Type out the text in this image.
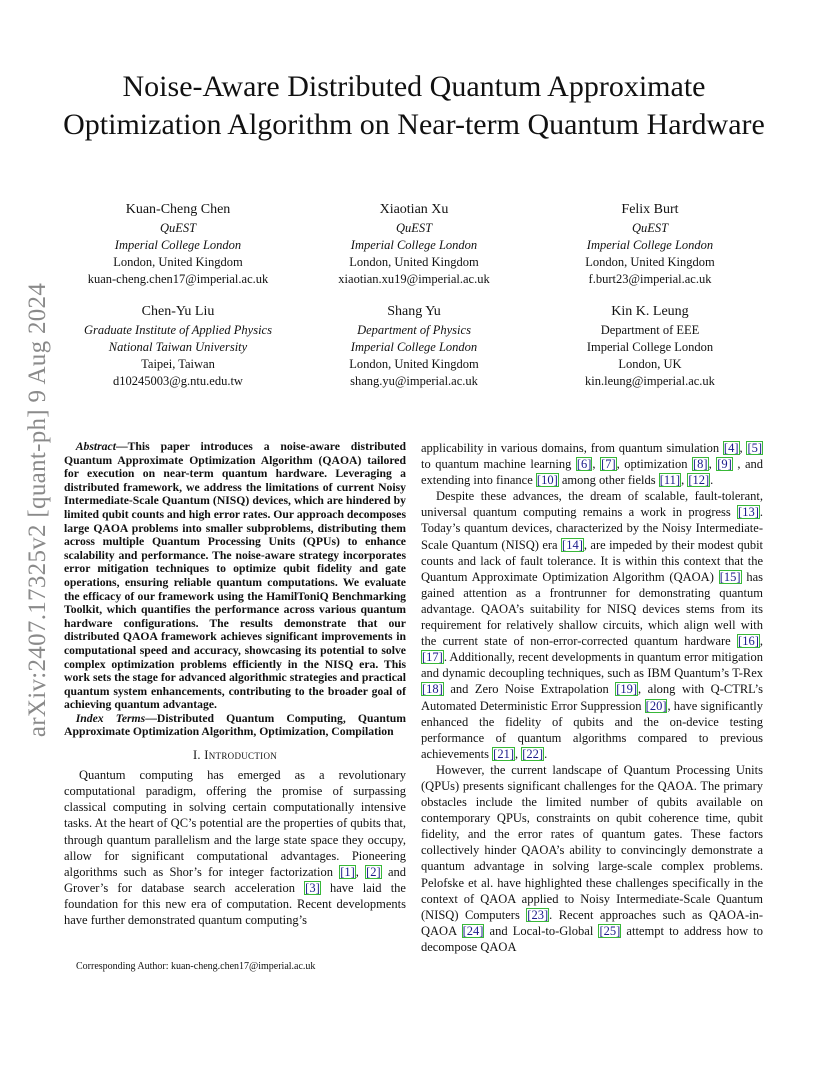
arXiv:2407.17325v2 [quant-ph] 9 Aug 2024
Noise-Aware Distributed Quantum Approximate Optimization Algorithm on Near-term Quantum Hardware
Kuan-Cheng Chen
QuEST
Imperial College London
London, United Kingdom
kuan-cheng.chen17@imperial.ac.uk
Xiaotian Xu
QuEST
Imperial College London
London, United Kingdom
xiaotian.xu19@imperial.ac.uk
Felix Burt
QuEST
Imperial College London
London, United Kingdom
f.burt23@imperial.ac.uk
Chen-Yu Liu
Graduate Institute of Applied Physics
National Taiwan University
Taipei, Taiwan
d10245003@g.ntu.edu.tw
Shang Yu
Department of Physics
Imperial College London
London, United Kingdom
shang.yu@imperial.ac.uk
Kin K. Leung
Department of EEE
Imperial College London
London, UK
kin.leung@imperial.ac.uk

Abstract—This paper introduces a noise-aware distributed Quantum Approximate Optimization Algorithm (QAOA) tailored for execution on near-term quantum hardware. Leveraging a distributed framework, we address the limitations of current Noisy Intermediate-Scale Quantum (NISQ) devices, which are hindered by limited qubit counts and high error rates. Our approach decomposes large QAOA problems into smaller subproblems, distributing them across multiple Quantum Processing Units (QPUs) to enhance scalability and performance. The noise-aware strategy incorporates error mitigation techniques to optimize qubit fidelity and gate operations, ensuring reliable quantum computations. We evaluate the efficacy of our framework using the HamilToniQ Benchmarking Toolkit, which quantifies the performance across various quantum hardware configurations. The results demonstrate that our distributed QAOA framework achieves significant improvements in computational speed and accuracy, showcasing its potential to solve complex optimization problems efficiently in the NISQ era. This work sets the stage for advanced algorithmic strategies and practical quantum system enhancements, contributing to the broader goal of achieving quantum advantage.

Index Terms—Distributed Quantum Computing, Quantum Approximate Optimization Algorithm, Optimization, Compilation

I. Introduction

Quantum computing has emerged as a revolutionary computational paradigm, offering the promise of surpassing classical computing in solving certain computationally intensive tasks. At the heart of QC’s potential are the properties of qubits that, through quantum parallelism and the large state space they occupy, allow for significant computational advantages. Pioneering algorithms such as Shor’s for integer factorization [1], [2] and Grover’s for database search acceleration [3] have laid the foundation for this new era of computation. Recent developments have further demonstrated quantum computing’s

applicability in various domains, from quantum simulation [4], [5] to quantum machine learning [6], [7], optimization [8], [9] , and extending into finance [10] among other fields [11], [12].

Despite these advances, the dream of scalable, fault-tolerant, universal quantum computing remains a work in progress [13]. Today’s quantum devices, characterized by the Noisy Intermediate-Scale Quantum (NISQ) era [14], are impeded by their modest qubit counts and lack of fault tolerance. It is within this context that the Quantum Approximate Optimization Algorithm (QAOA) [15] has gained attention as a frontrunner for demonstrating quantum advantage. QAOA’s suitability for NISQ devices stems from its requirement for relatively shallow circuits, which align well with the current state of non-error-corrected quantum hardware [16], [17]. Additionally, recent developments in quantum error mitigation and dynamic decoupling techniques, such as IBM Quantum’s T-Rex [18] and Zero Noise Extrapolation [19], along with Q-CTRL’s Automated Deterministic Error Suppression [20], have significantly enhanced the fidelity of qubits and the on-device testing performance of quantum algorithms compared to previous achievements [21], [22].

However, the current landscape of Quantum Processing Units (QPUs) presents significant challenges for the QAOA. The primary obstacles include the limited number of qubits available on contemporary QPUs, constraints on qubit coherence time, qubit fidelity, and the error rates of quantum gates. These factors collectively hinder QAOA’s ability to convincingly demonstrate a quantum advantage in solving large-scale complex problems. Pelofske et al. have highlighted these challenges specifically in the context of QAOA applied to Noisy Intermediate-Scale Quantum (NISQ) Computers [23]. Recent approaches such as QAOA-in-QAOA [24] and Local-to-Global [25] attempt to address how to decompose QAOA

Corresponding Author: kuan-cheng.chen17@imperial.ac.uk
